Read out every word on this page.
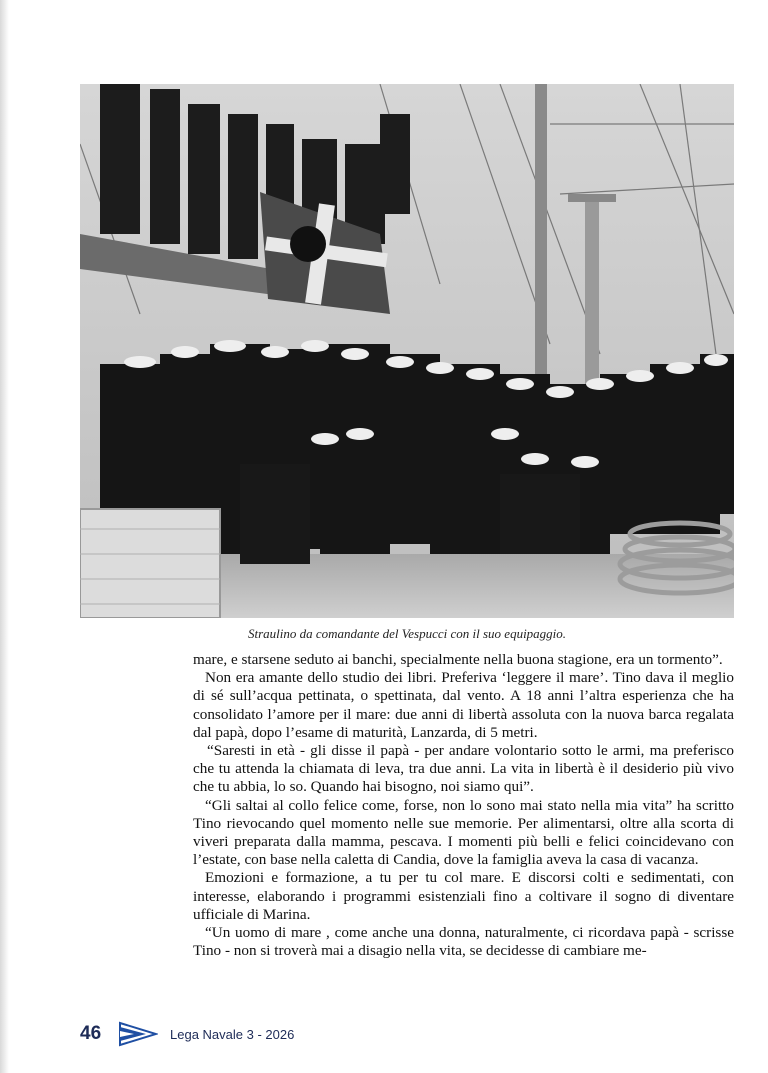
Straulino da comandante del Vespucci con il suo equipaggio.

mare, e starsene seduto ai banchi, specialmente nella buona stagione, era un tormento”.

Non era amante dello studio dei libri. Preferiva ‘leggere il mare’. Tino dava il meglio di sé sull’acqua pettinata, o spettinata, dal vento. A 18 anni l’altra esperienza che ha consolidato l’amore per il mare: due anni di libertà assoluta con la nuova barca regalata dal papà, dopo l’esame di maturità, Lanzarda, di 5 metri.

“Saresti in età - gli disse il papà - per andare volontario sotto le armi, ma preferisco che tu attenda la chiamata di leva, tra due anni. La vita in libertà è il desiderio più vivo che tu abbia, lo so. Quando hai bisogno, noi siamo qui”.

“Gli saltai al collo felice come, forse, non lo sono mai stato nella mia vita” ha scritto Tino rievocando quel momento nelle sue memorie. Per alimentarsi, oltre alla scorta di viveri preparata dalla mamma, pescava. I momenti più belli e felici coincidevano con l’estate, con base nella caletta di Candia, dove la famiglia aveva la casa di vacanza.

Emozioni e formazione, a tu per tu col mare. E discorsi colti e sedimentati, con interesse, elaborando i programmi esistenziali fino a coltivare il sogno di diventare ufficiale di Marina.

“Un uomo di mare , come anche una donna, naturalmente, ci ricordava papà - scrisse Tino - non si troverà mai a disagio nella vita, se decidesse di cambiare me-

46	Lega Navale 3 - 2026
